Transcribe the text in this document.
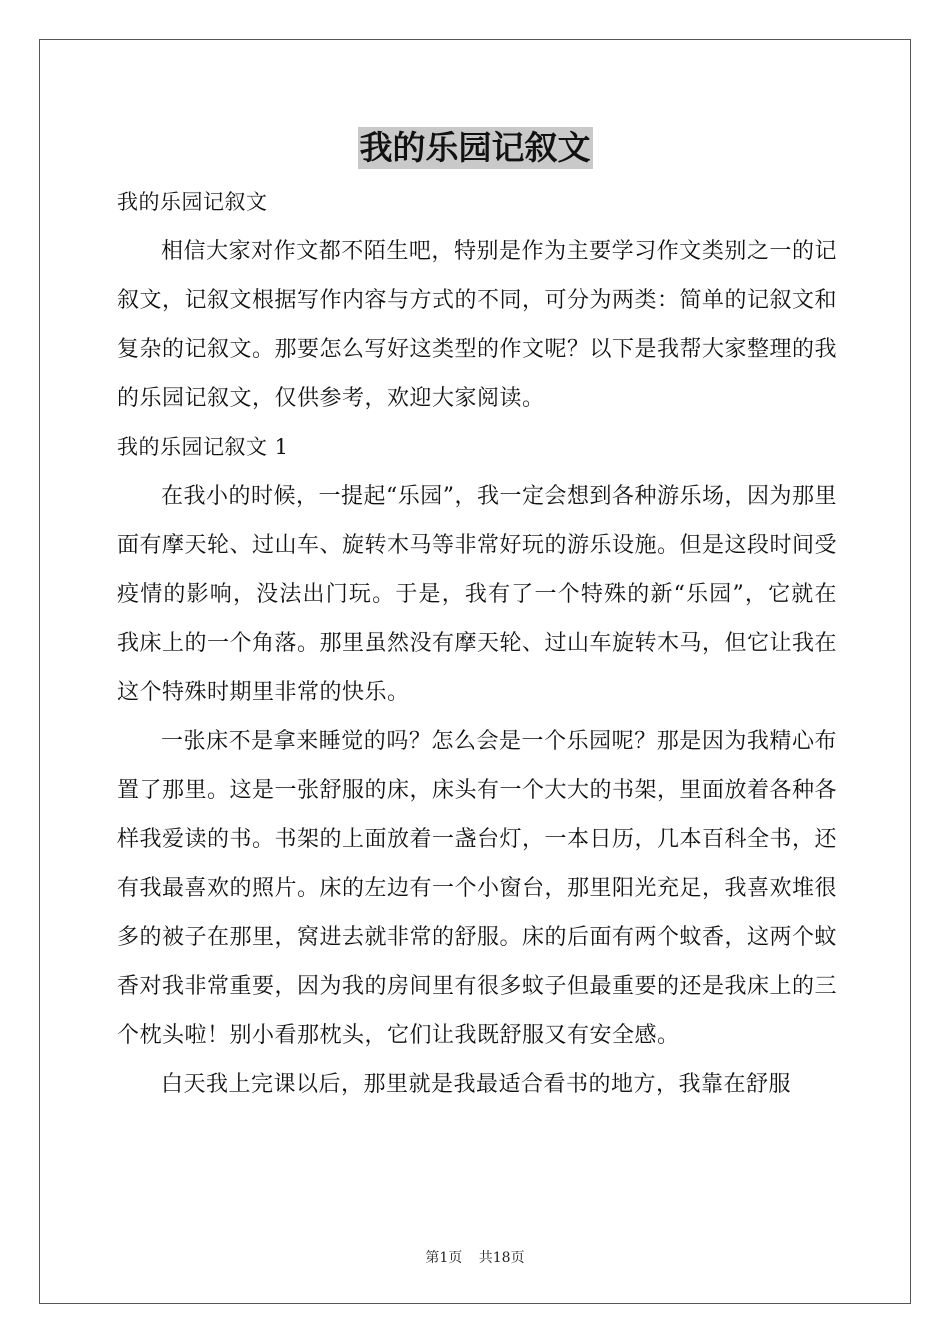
我的乐园记叙文

我的乐园记叙文

相信大家对作文都不陌生吧，特别是作为主要学习作文类别之一的记叙文，记叙文根据写作内容与方式的不同，可分为两类：简单的记叙文和复杂的记叙文。那要怎么写好这类型的作文呢？以下是我帮大家整理的我的乐园记叙文，仅供参考，欢迎大家阅读。

我的乐园记叙文 1

在我小的时候，一提起“乐园”，我一定会想到各种游乐场，因为那里面有摩天轮、过山车、旋转木马等非常好玩的游乐设施。但是这段时间受疫情的影响，没法出门玩。于是，我有了一个特殊的新“乐园”，它就在我床上的一个角落。那里虽然没有摩天轮、过山车旋转木马，但它让我在这个特殊时期里非常的快乐。

一张床不是拿来睡觉的吗？怎么会是一个乐园呢？那是因为我精心布置了那里。这是一张舒服的床，床头有一个大大的书架，里面放着各种各样我爱读的书。书架的上面放着一盏台灯，一本日历，几本百科全书，还有我最喜欢的照片。床的左边有一个小窗台，那里阳光充足，我喜欢堆很多的被子在那里，窝进去就非常的舒服。床的后面有两个蚊香，这两个蚊香对我非常重要，因为我的房间里有很多蚊子但最重要的还是我床上的三个枕头啦！别小看那枕头，它们让我既舒服又有安全感。

白天我上完课以后，那里就是我最适合看书的地方，我靠在舒服

第1页 共18页
